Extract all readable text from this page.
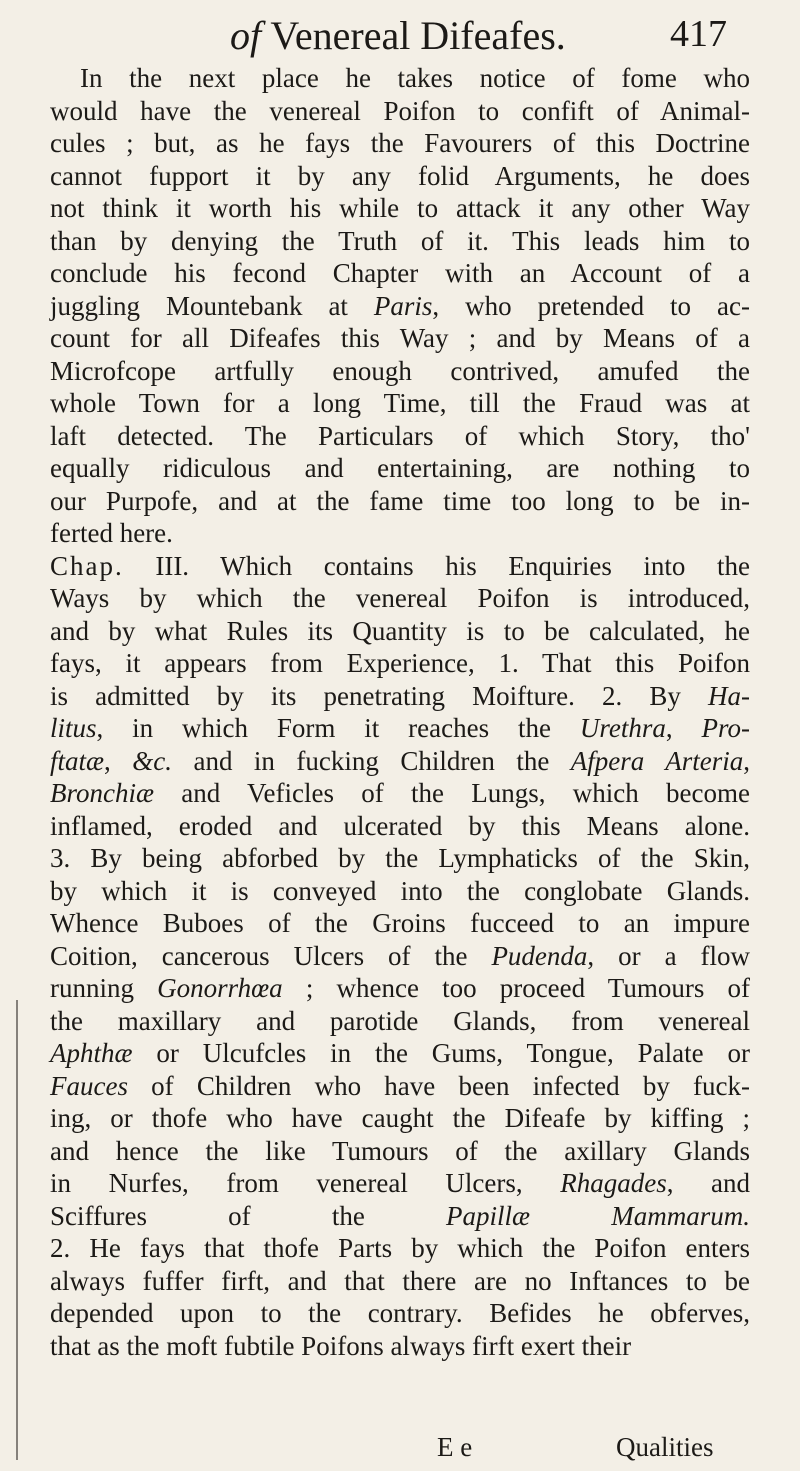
of Venereal Difeafes.	417
In the next place he takes notice of fome who
would have the venereal Poifon to confift of Animal-
cules ; but, as he fays the Favourers of this Doctrine
cannot fupport it by any folid Arguments, he does
not think it worth his while to attack it any other Way
than by denying the Truth of it. This leads him to
conclude his fecond Chapter with an Account of a
juggling Mountebank at Paris, who pretended to ac-
count for all Difeafes this Way ; and by Means of a
Microfcope artfully enough contrived, amufed the
whole Town for a long Time, till the Fraud was at
laft detected. The Particulars of which Story, tho'
equally ridiculous and entertaining, are nothing to
our Purpofe, and at the fame time too long to be in-
ferted here.
Chap. III. Which contains his Enquiries into the
Ways by which the venereal Poifon is introduced,
and by what Rules its Quantity is to be calculated, he
fays, it appears from Experience, 1. That this Poifon
is admitted by its penetrating Moifture. 2. By Ha-
litus, in which Form it reaches the Urethra, Pro-
ftatæ, &c. and in fucking Children the Afpera Arteria,
Bronchiæ and Veficles of the Lungs, which become
inflamed, eroded and ulcerated by this Means alone.
3. By being abforbed by the Lymphaticks of the Skin,
by which it is conveyed into the conglobate Glands.
Whence Buboes of the Groins fucceed to an impure
Coition, cancerous Ulcers of the Pudenda, or a flow
running Gonorrhœa ; whence too proceed Tumours of
the maxillary and parotide Glands, from venereal
Aphthæ or Ulcufcles in the Gums, Tongue, Palate or
Fauces of Children who have been infected by fuck-
ing, or thofe who have caught the Difeafe by kiffing ;
and hence the like Tumours of the axillary Glands
in Nurfes, from venereal Ulcers, Rhagades, and
Sciffures of the Papillæ Mammarum.
2. He fays that thofe Parts by which the Poifon enters
always fuffer firft, and that there are no Inftances to be
depended upon to the contrary. Befides he obferves,
that as the moft fubtile Poifons always firft exert their
E e	Qualities
